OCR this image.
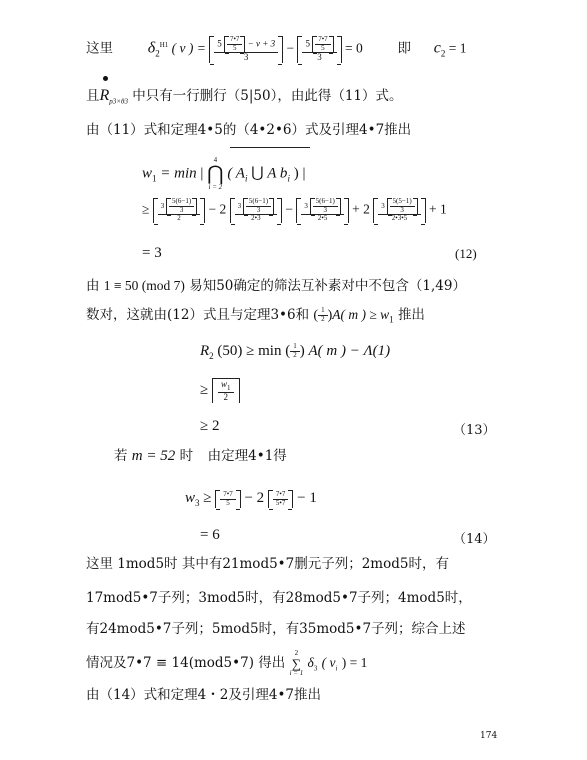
这里 $\delta_2^{H1}$ ( v ) = $\frac{5 \frac{7•7}{5} - v + 3}{3} - \frac{5 \frac{7•7}{5}}{3} = 0$	即 $c_2 = 1$
且$R_{p3\times\theta 3}$ 中只有一行删行（5|50），由此得（11）式。
由（11）式和定理4•5的（4•2•6）式及引理4•7推出
$w_1 = \min$ |
4
⋂
i = 2
( $A_i$ ⋃ A $b_i$ ) |
≥ $\frac{3 \frac{5(6-1)}{3}}{2} - 2 \frac{3 \frac{5(6-1)}{3}}{2•3} - \frac{3 \frac{5(6-1)}{3}}{2•5} + 2 \frac{3 \frac{5(5-1)}{3}}{2•3•5} + 1$
= 3	(12)
由 1 ≡ 50 (mod 7) 易知50确定的筛法互补素对中不包含（1,49）
数对，这就由(12）式且与定理3•6和 ( $\frac{1}{2} )A$( m ) ≥ $w_1$ 推出
$R_2$ (50) ≥ min ( $\frac{1}{2}$ ) A( m ) − Λ(1)
≥ $\frac{w_1}{2}$
≥ 2	（13）
若 m = 52 时 由定理4•1得
$w_3 \ge \frac{7•7}{5} - 2 \frac{7•7}{5•7} - 1$
= 6	（14）
这里 1mod5时 其中有21mod5•7删元子列；2mod5时，有
17mod5•7子列；3mod5时，有28mod5•7子列；4mod5时，
有24mod5•7子列；5mod5时，有35mod5•7子列；综合上述
情况及7•7 ≡ 14(mod5•7) 得出
2
∑
i = 1
$\delta_3$ ( $v_i$ ) = 1
由（14）式和定理4・2及引理4•7推出
174
